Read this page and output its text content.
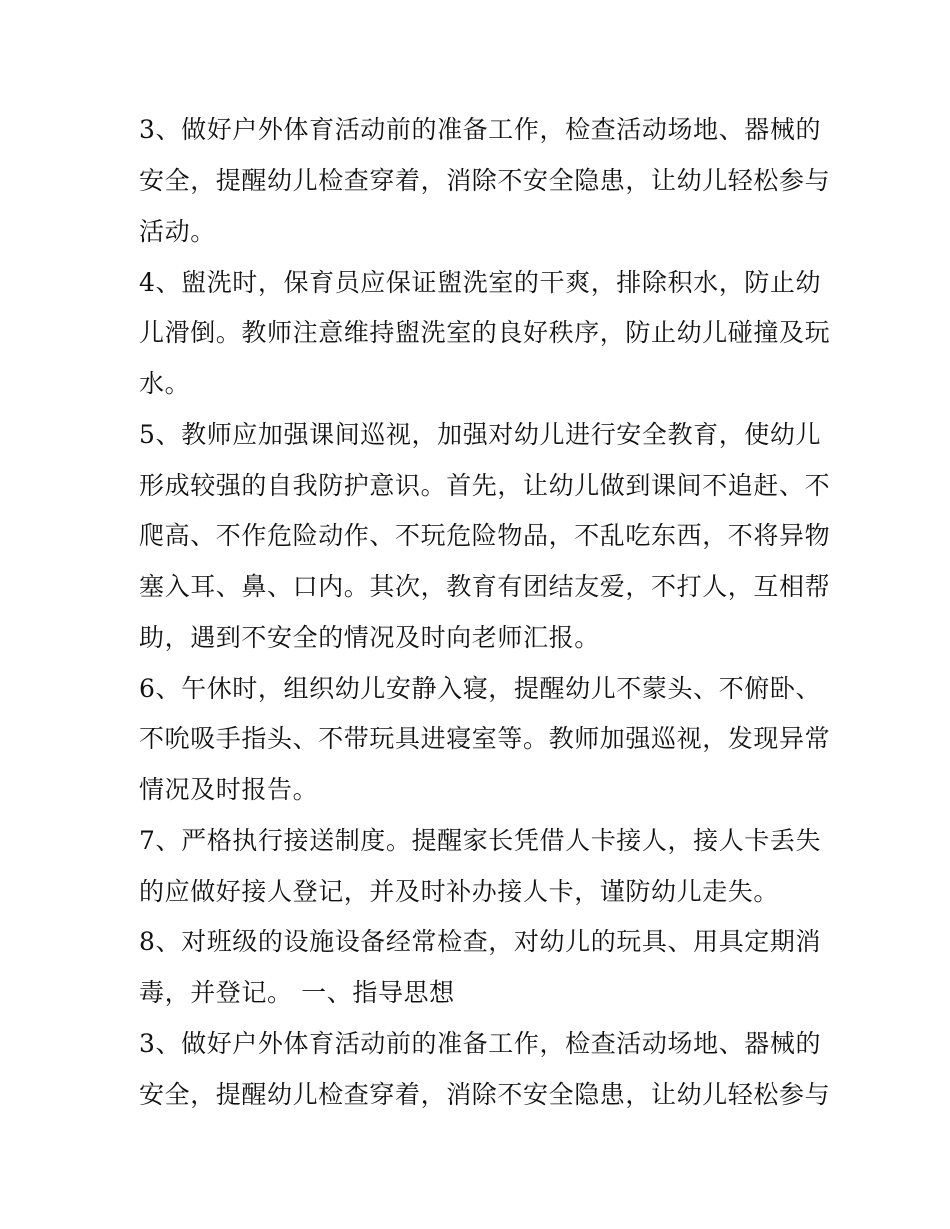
3、做好户外体育活动前的准备工作，检查活动场地、器械的

安全，提醒幼儿检查穿着，消除不安全隐患，让幼儿轻松参与

活动。

4、盥洗时，保育员应保证盥洗室的干爽，排除积水，防止幼

儿滑倒。教师注意维持盥洗室的良好秩序，防止幼儿碰撞及玩

水。

5、教师应加强课间巡视，加强对幼儿进行安全教育，使幼儿

形成较强的自我防护意识。首先，让幼儿做到课间不追赶、不

爬高、不作危险动作、不玩危险物品，不乱吃东西，不将异物

塞入耳、鼻、口内。其次，教育有团结友爱，不打人，互相帮

助，遇到不安全的情况及时向老师汇报。

6、午休时，组织幼儿安静入寝，提醒幼儿不蒙头、不俯卧、

不吮吸手指头、不带玩具进寝室等。教师加强巡视，发现异常

情况及时报告。

7、严格执行接送制度。提醒家长凭借人卡接人，接人卡丢失

的应做好接人登记，并及时补办接人卡，谨防幼儿走失。

8、对班级的设施设备经常检查，对幼儿的玩具、用具定期消

毒，并登记。 一、指导思想

3、做好户外体育活动前的准备工作，检查活动场地、器械的

安全，提醒幼儿检查穿着，消除不安全隐患，让幼儿轻松参与
